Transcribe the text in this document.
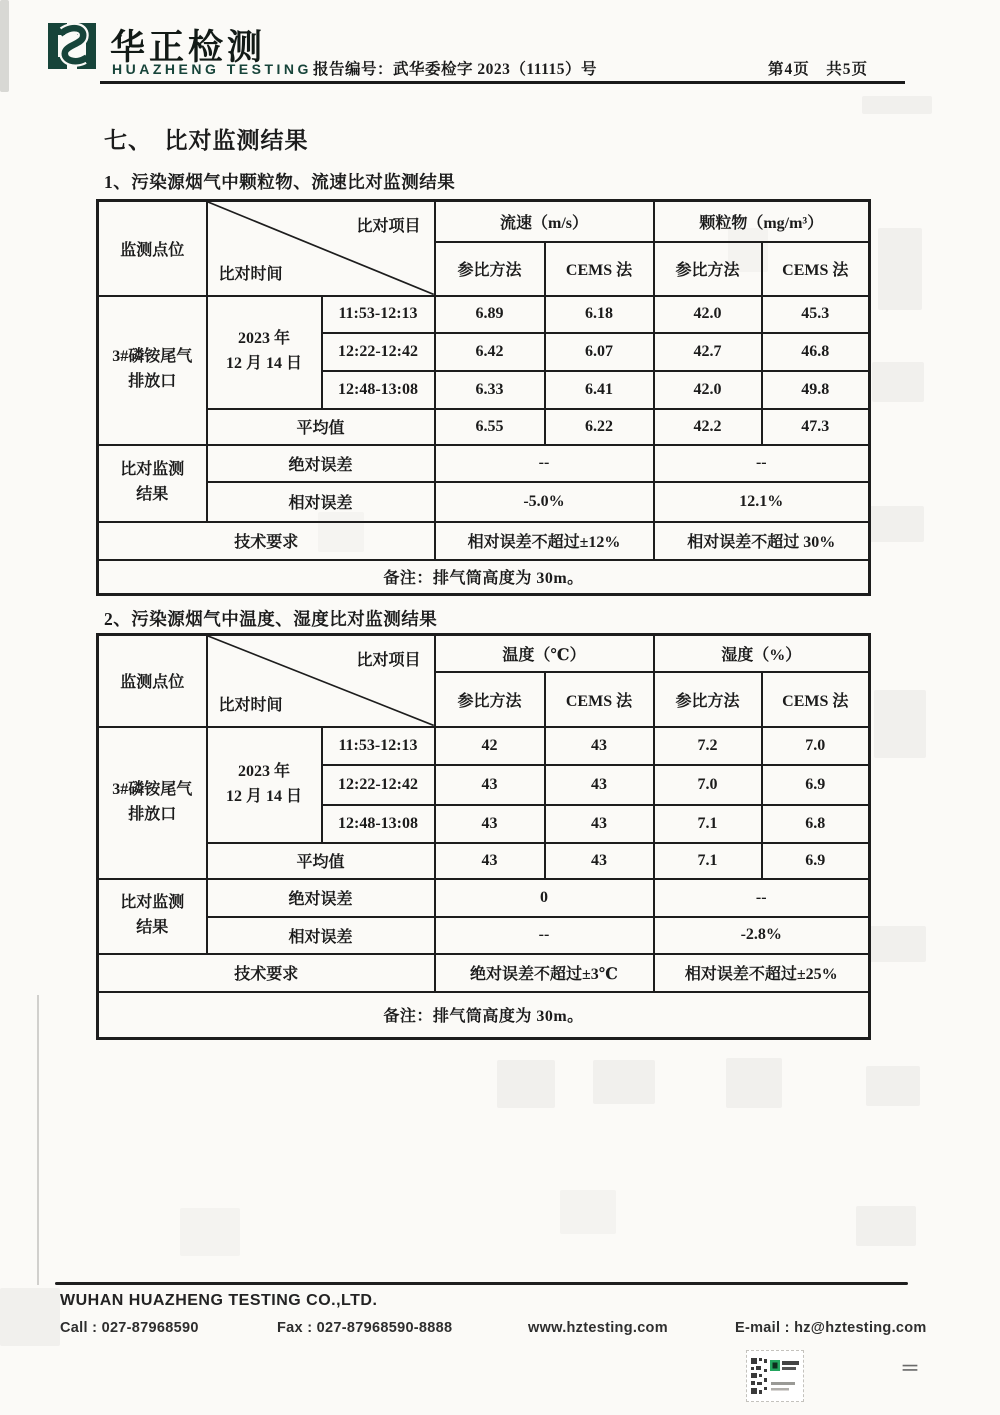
华正检测
HUAZHENG TESTING 报告编号：武华委检字 2023（11115）号	第4页　共5页
七、　比对监测结果
1、污染源烟气中颗粒物、流速比对监测结果
2、污染源烟气中温度、湿度比对监测结果
监测点位	比对项目
比对时间		流速（m/s）		颗粒物（mg/m³）	
			参比方法	CEMS 法	参比方法	CEMS 法

3#磷铵尾气
排放口

2023 年
12 月 14 日
	11:53-12:13	6.89	6.18	42.0	45.3
		12:22-12:42	6.42	6.07	42.7	46.8
		12:48-13:08	6.33	6.41	42.0	49.8
	平均值		6.55	6.22	42.2	47.3

比对监测
结果	绝对误差		--		--	
	相对误差		-5.0%		12.1%	
技术要求			相对误差不超过±12%		相对误差不超过 30%	
备注：排气筒高度为 30m。						
监测点位	比对项目
比对时间		温度（℃）		湿度（%）	
			参比方法	CEMS 法	参比方法	CEMS 法

3#磷铵尾气
排放口

2023 年
12 月 14 日
	11:53-12:13	42	43	7.2	7.0
		12:22-12:42	43	43	7.0	6.9
		12:48-13:08	43	43	7.1	6.8
	平均值		43	43	7.1	6.9

比对监测
结果	绝对误差		0		--	
	相对误差		--		-2.8%	
技术要求			绝对误差不超过±3℃		相对误差不超过±25%	
备注：排气筒高度为 30m。						
WUHAN HUAZHENG TESTING CO.,LTD.
Call : 027-87968590	Fax : 027-87968590-8888	www.hztesting.com	E-mail : hz@hztesting.com
＝
